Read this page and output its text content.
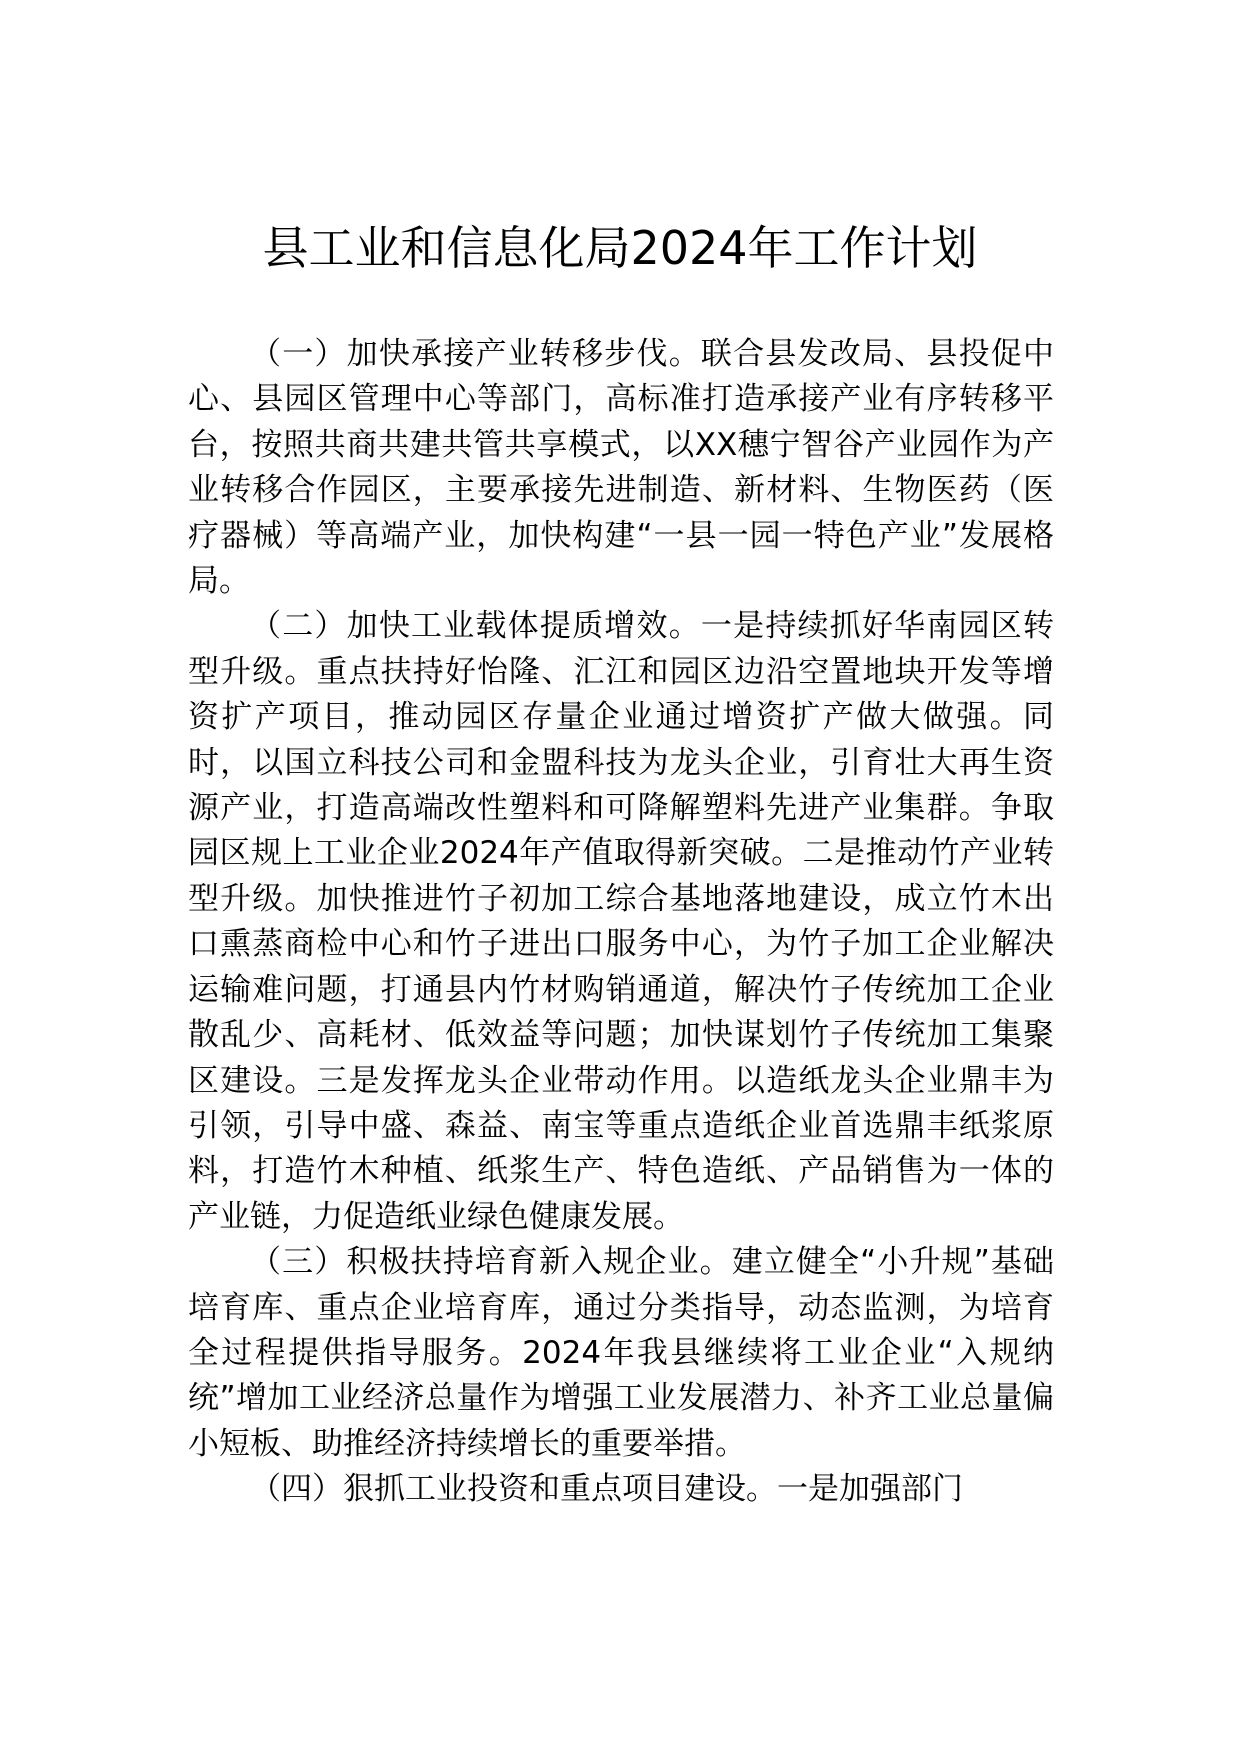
县工业和信息化局2024年工作计划

（一）加快承接产业转移步伐。联合县发改局、县投促中心、县园区管理中心等部门，高标准打造承接产业有序转移平台，按照共商共建共管共享模式，以XX穗宁智谷产业园作为产业转移合作园区，主要承接先进制造、新材料、生物医药（医疗器械）等高端产业，加快构建“一县一园一特色产业”发展格局。

（二）加快工业载体提质增效。一是持续抓好华南园区转型升级。重点扶持好怡隆、汇江和园区边沿空置地块开发等增资扩产项目，推动园区存量企业通过增资扩产做大做强。同时，以国立科技公司和金盟科技为龙头企业，引育壮大再生资源产业，打造高端改性塑料和可降解塑料先进产业集群。争取园区规上工业企业2024年产值取得新突破。二是推动竹产业转型升级。加快推进竹子初加工综合基地落地建设，成立竹木出口熏蒸商检中心和竹子进出口服务中心，为竹子加工企业解决运输难问题，打通县内竹材购销通道，解决竹子传统加工企业散乱少、高耗材、低效益等问题；加快谋划竹子传统加工集聚区建设。三是发挥龙头企业带动作用。以造纸龙头企业鼎丰为引领，引导中盛、森益、南宝等重点造纸企业首选鼎丰纸浆原料，打造竹木种植、纸浆生产、特色造纸、产品销售为一体的产业链，力促造纸业绿色健康发展。

（三）积极扶持培育新入规企业。建立健全“小升规”基础培育库、重点企业培育库，通过分类指导，动态监测，为培育全过程提供指导服务。2024年我县继续将工业企业“入规纳统”增加工业经济总量作为增强工业发展潜力、补齐工业总量偏小短板、助推经济持续增长的重要举措。

（四）狠抓工业投资和重点项目建设。一是加强部门
